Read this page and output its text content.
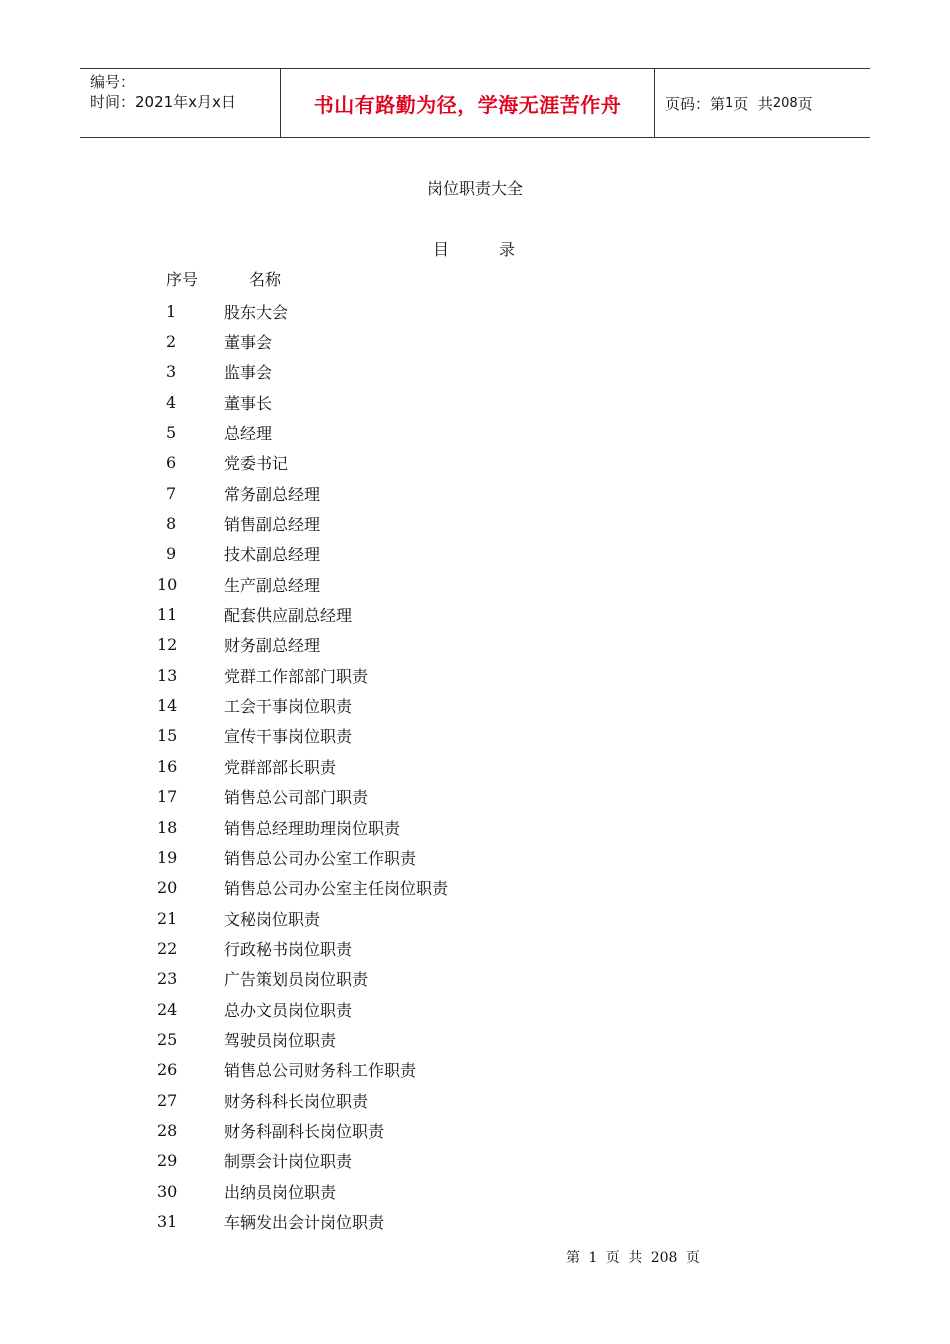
编号：
时间：2021年x月x日	书山有路勤为径，学海无涯苦作舟	页码：第 1 页  共 208 页
岗位职责大全
目	录
序号	名称
1	股东大会
2	董事会
3	监事会
4	董事长
5	总经理
6	党委书记
7	常务副总经理
8	销售副总经理
9	技术副总经理
10	生产副总经理
11	配套供应副总经理
12	财务副总经理
13	党群工作部部门职责
14	工会干事岗位职责
15	宣传干事岗位职责
16	党群部部长职责
17	销售总公司部门职责
18	销售总经理助理岗位职责
19	销售总公司办公室工作职责
20	销售总公司办公室主任岗位职责
21	文秘岗位职责
22	行政秘书岗位职责
23	广告策划员岗位职责
24	总办文员岗位职责
25	驾驶员岗位职责
26	销售总公司财务科工作职责
27	财务科科长岗位职责
28	财务科副科长岗位职责
29	制票会计岗位职责
30	出纳员岗位职责
31	车辆发出会计岗位职责
第 1 页 共 208 页
